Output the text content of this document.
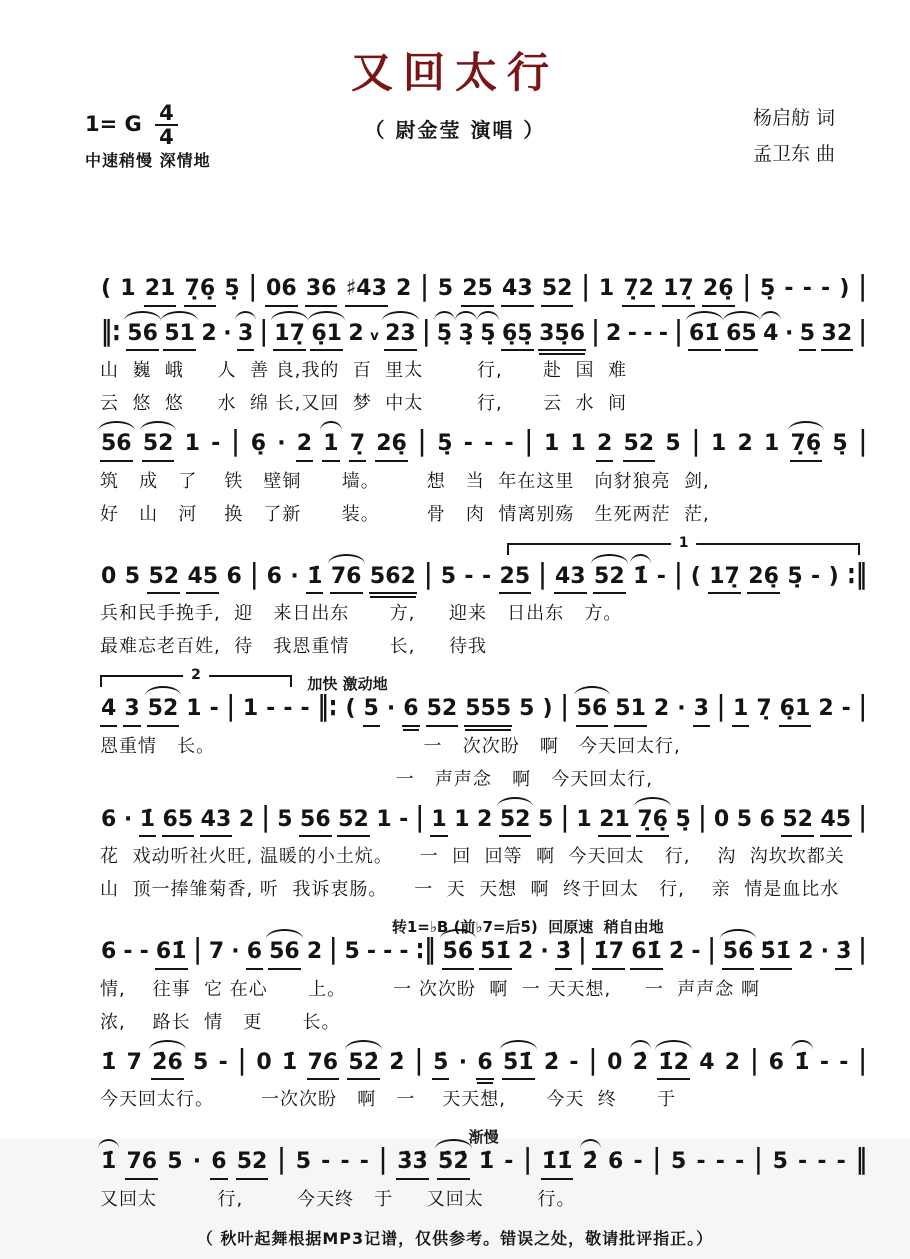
又回太行
（ 尉金莹 演唱 ）	杨启舫 词
孟卫东 曲
1= G $\frac{4}{4}$
中速稍慢 深情地
( 1 21 7̣6̣ 5̣ | 06 36 ♯43 2 | 5 25 43 52 | 1 7̣2 17̣ 26̣ | 5̣ - - - ) |
‖: 56 51 2 · 3 | 17̣ 6̣1 2 v 23 | 5̣ 3̣ 5̣ 6̣5̣ 35̣6 | 2 - - - | 61̇ 65 4 · 5 32 |
山  巍  峨     人  善 良,我的  百  里太        行,      赴  国  难
云  悠  悠     水  绵 长,又回  梦  中太        行,      云  水  间
56 52 1 - | 6̣ · 2 1 7̣ 26̣ | 5̣ - - - | 1 1 2 52 5 | 1 2 1 7̣6̣ 5̣ |
筑   成   了    铁   壁铜      墙。       想   当  年在这里   向豺狼亮  剑,
好   山   河    换   了新      装。       骨   肉  情离别殇   生死两茫  茫,
1
0 5 52 45 6 | 6 · 1̇ 76 562 | 5 - - 25 | 43 52 1̇ - | ( 17̣ 26̣ 5̣ - ) :‖
兵和民手挽手,  迎   来日出东      方,     迎来   日出东   方。
最难忘老百姓,  待   我恩重情      长,     待我
2	加快 激动地
4 3 52 1 - | 1 - - - ‖: ( 5 · 6 52 555 5 ) | 56 51 2 · 3 | 1 7̣ 6̣1 2 - |
恩重情   长。                               一   次次盼   啊   今天回太行,
一   声声念   啊   今天回太行,
6 · 1̇ 65 43 2 | 5 56 52 1 - | 1 1 2 52 5 | 1 21 7̣6̣ 5̣ | 0 5 6 52 45 |
花  戏动听社火旺, 温暖的小土炕。    一  回  回等  啊  今天回太   行,    沟  沟坎坎都关
山  顶一捧雏菊香, 听  我诉衷肠。    一  天  天想  啊  终于回太   行,    亲  情是血比水
转1=♭B (前♭7=后5̇)  回原速  稍自由地
6 - - 61̇ | 7 · 6 56 2 | 5 - - - :‖ 5̇6̇ 5̇1̇ 2̇ · 3̇ | 1̇7 61̇ 2̇ - | 5̇6̇ 5̇1̇ 2̇ · 3̇ |
情,    往事  它 在心      上。       一 次次盼  啊  一 天天想,     一  声声念 啊
浓,    路长  情   更      长。
1̇ 7 2̇6 5 - | 0 1̇ 76 52̇ 2̇ | 5̇ · 6 5̇1̇ 2̇ - | 0 2̇ 1̇2 4 2 | 6 1̇ - - |
今天回太行。       一次次盼   啊   一    天天想,      今天  终      于
渐慢
1̇ 76 5 · 6 52 | 5 - - - | 3̇3̇ 5̇2̇ 1̇ - | 1̇1̇ 2̇ 6 - | 5 - - - | 5 - - - ‖
又回太         行,        今天终   于     又回太        行。
（ 秋叶起舞根据MP3记谱，仅供参考。错误之处，敬请批评指正。）
